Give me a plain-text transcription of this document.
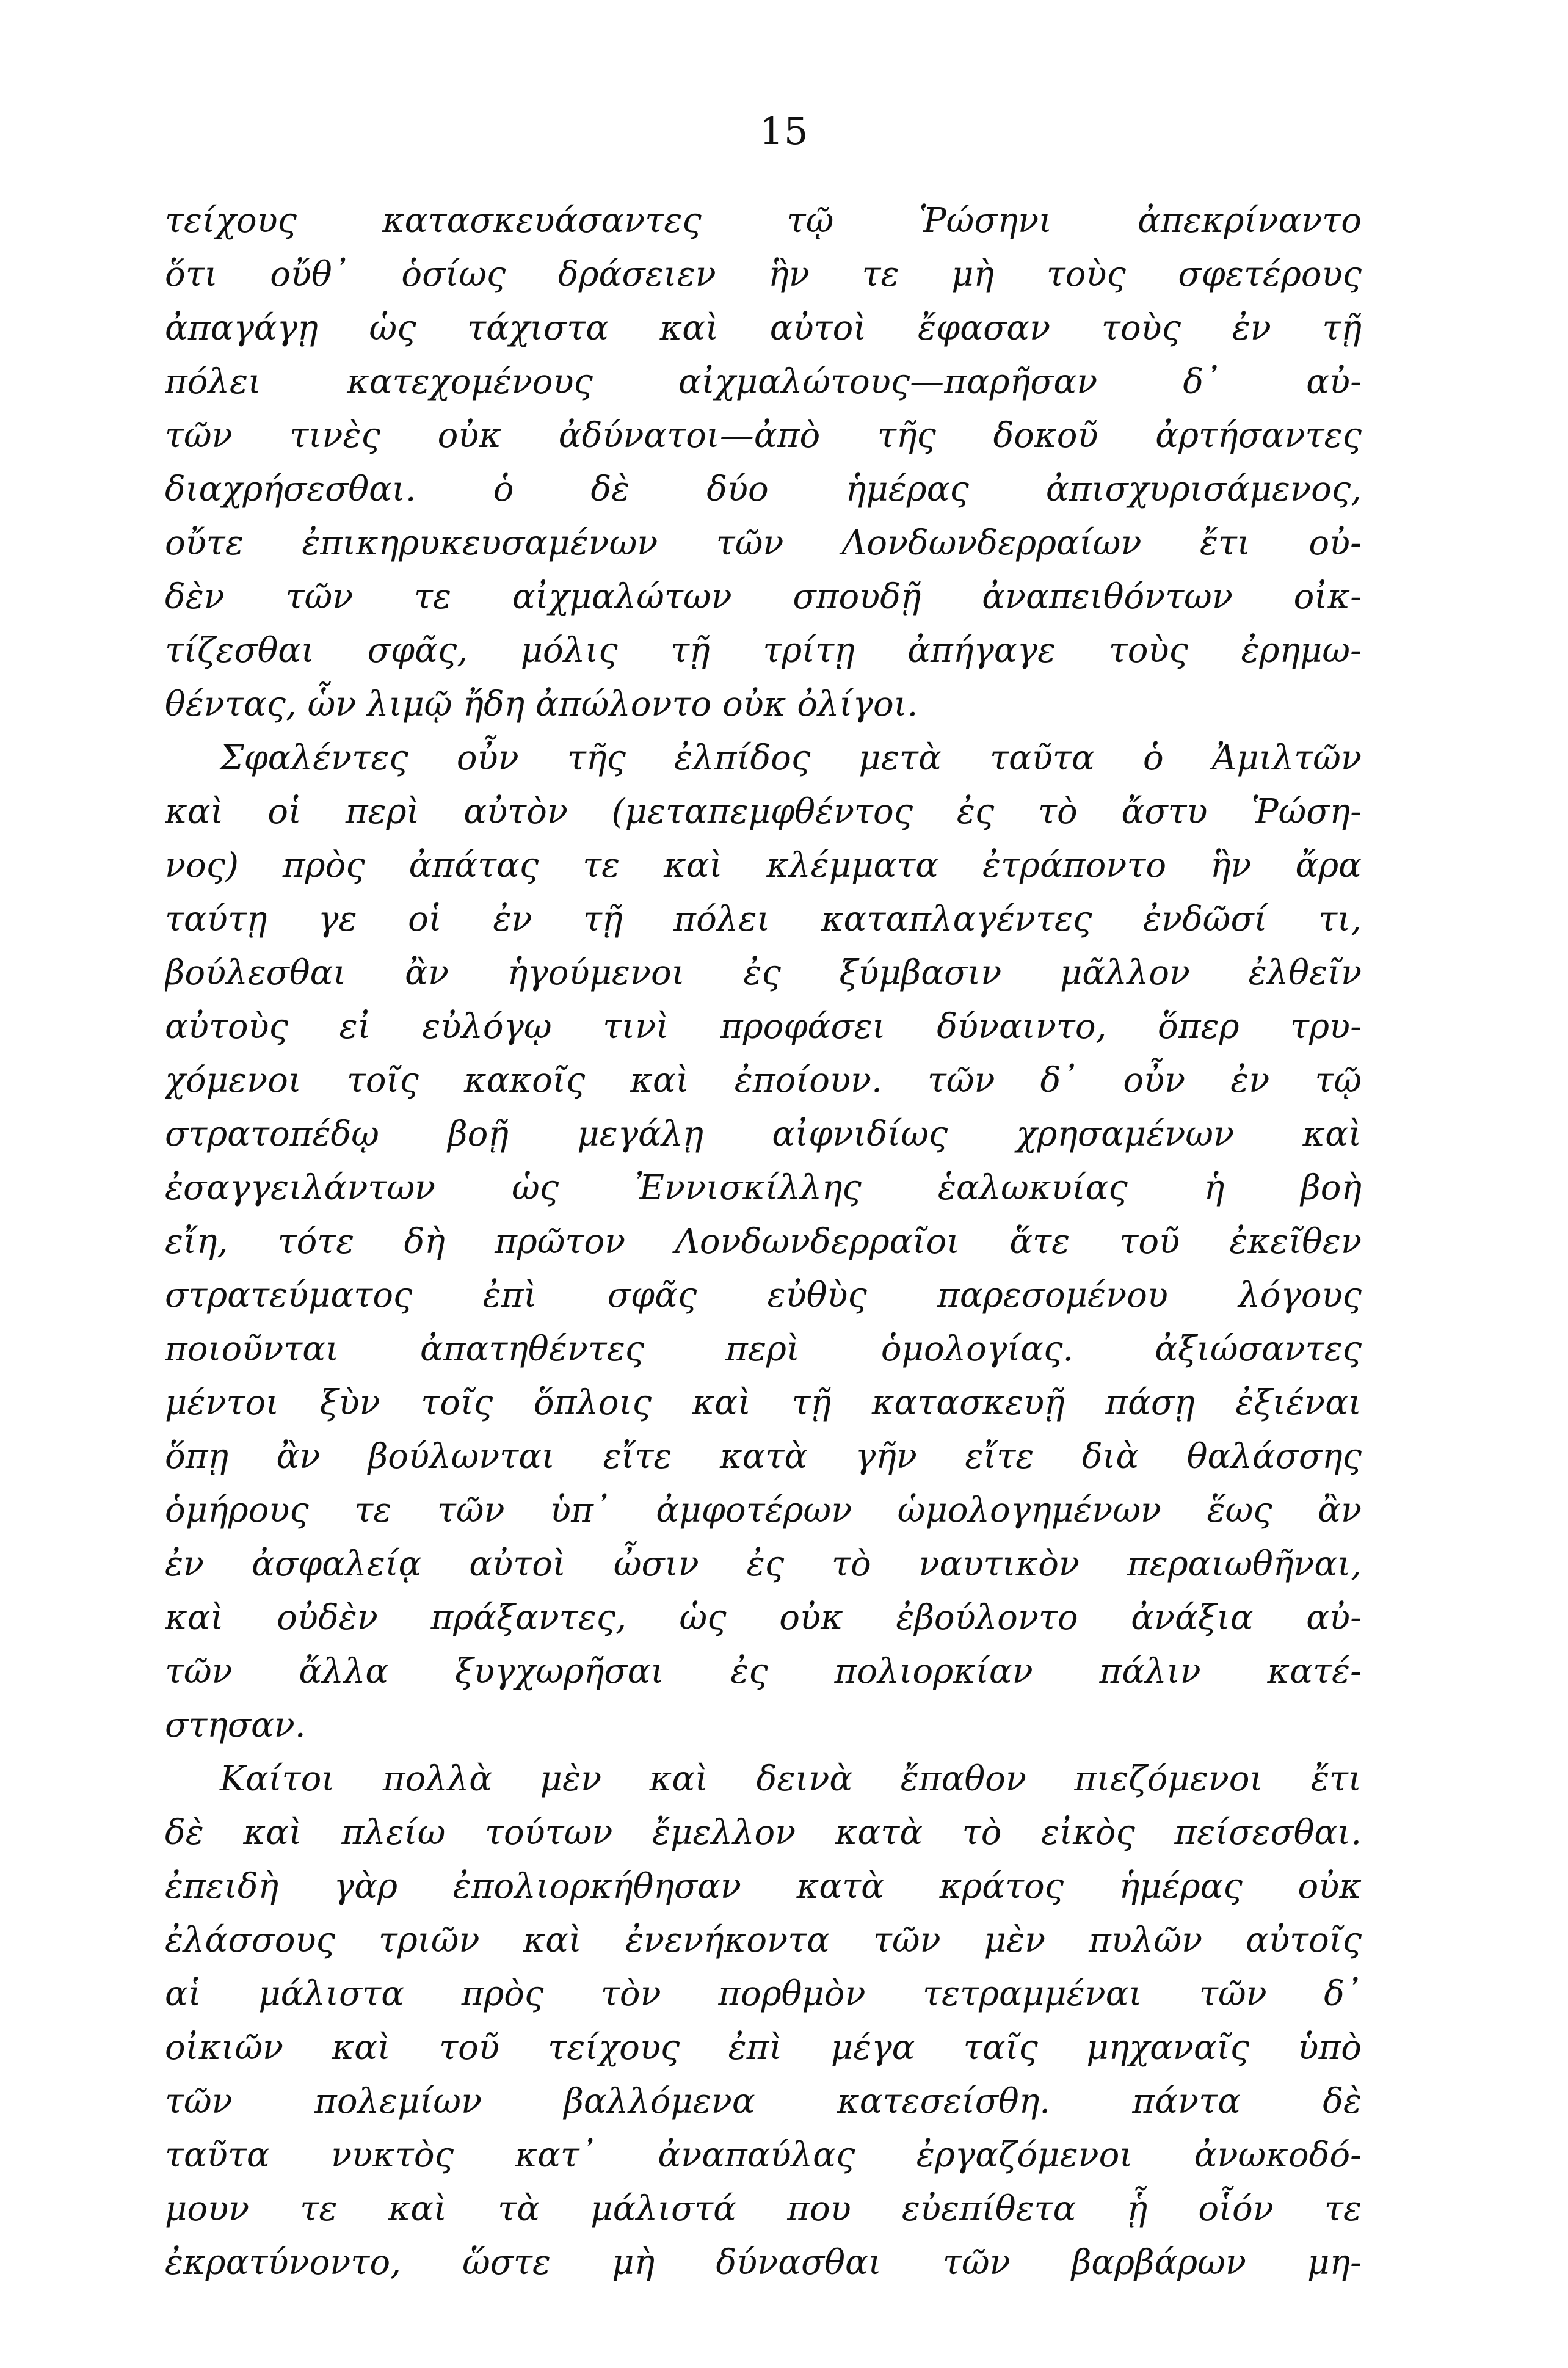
15
τείχους κατασκευάσαντες τῷ Ῥώσηνι ἀπεκρίναντο
ὅτι οὔθ᾽ ὁσίως δράσειεν ἣν τε μὴ τοὺς σφετέρους
ἀπαγάγῃ ὡς τάχιστα καὶ αὐτοὶ ἔφασαν τοὺς ἐν τῇ
πόλει κατεχομένους αἰχμαλώτους—παρῆσαν δ᾽ αὐ-
τῶν τινὲς οὐκ ἀδύνατοι—ἀπὸ τῆς δοκοῦ ἀρτήσαντες
διαχρήσεσθαι. ὁ δὲ δύο ἡμέρας ἀπισχυρισάμενος,
οὔτε ἐπικηρυκευσαμένων τῶν Λονδωνδερραίων ἔτι οὐ-
δὲν τῶν τε αἰχμαλώτων σπουδῇ ἀναπειθόντων οἰκ-
τίζεσθαι σφᾶς, μόλις τῇ τρίτῃ ἀπήγαγε τοὺς ἐρημω-
θέντας, ὧν λιμῷ ἤδη ἀπώλοντο οὐκ ὀλίγοι.
Σφαλέντες οὖν τῆς ἐλπίδος μετὰ ταῦτα ὁ Ἀμιλτῶν
καὶ οἱ περὶ αὐτὸν (μεταπεμφθέντος ἐς τὸ ἄστυ Ῥώση-
νος) πρὸς ἀπάτας τε καὶ κλέμματα ἐτράποντο ἣν ἄρα
ταύτῃ γε οἱ ἐν τῇ πόλει καταπλαγέντες ἐνδῶσί τι,
βούλεσθαι ἂν ἡγούμενοι ἐς ξύμβασιν μᾶλλον ἐλθεῖν
αὐτοὺς εἰ εὐλόγῳ τινὶ προφάσει δύναιντο, ὅπερ τρυ-
χόμενοι τοῖς κακοῖς καὶ ἐποίουν. τῶν δ᾽ οὖν ἐν τῷ
στρατοπέδῳ βοῇ μεγάλῃ αἰφνιδίως χρησαμένων καὶ
ἐσαγγειλάντων ὡς Ἐννισκίλλης ἑαλωκυίας ἡ βοὴ
εἴη, τότε δὴ πρῶτον Λονδωνδερραῖοι ἅτε τοῦ ἐκεῖθεν
στρατεύματος ἐπὶ σφᾶς εὐθὺς παρεσομένου λόγους
ποιοῦνται ἀπατηθέντες περὶ ὁμολογίας. ἀξιώσαντες
μέντοι ξὺν τοῖς ὅπλοις καὶ τῇ κατασκευῇ πάσῃ ἐξιέναι
ὅπῃ ἂν βούλωνται εἴτε κατὰ γῆν εἴτε διὰ θαλάσσης
ὁμήρους τε τῶν ὑπ᾽ ἀμφοτέρων ὡμολογημένων ἕως ἂν
ἐν ἀσφαλείᾳ αὐτοὶ ὦσιν ἐς τὸ ναυτικὸν περαιωθῆναι,
καὶ οὐδὲν πράξαντες, ὡς οὐκ ἐβούλοντο ἀνάξια αὐ-
τῶν ἄλλα ξυγχωρῆσαι ἐς πολιορκίαν πάλιν κατέ-
στησαν.
Καίτοι πολλὰ μὲν καὶ δεινὰ ἔπαθον πιεζόμενοι ἔτι
δὲ καὶ πλείω τούτων ἔμελλον κατὰ τὸ εἰκὸς πείσεσθαι.
ἐπειδὴ γὰρ ἐπολιορκήθησαν κατὰ κράτος ἡμέρας οὐκ
ἐλάσσους τριῶν καὶ ἐνενήκοντα τῶν μὲν πυλῶν αὐτοῖς
αἱ μάλιστα πρὸς τὸν πορθμὸν τετραμμέναι τῶν δ᾽
οἰκιῶν καὶ τοῦ τείχους ἐπὶ μέγα ταῖς μηχαναῖς ὑπὸ
τῶν πολεμίων βαλλόμενα κατεσείσθη. πάντα δὲ
ταῦτα νυκτὸς κατ᾽ ἀναπαύλας ἐργαζόμενοι ἀνωκοδό-
μουν τε καὶ τὰ μάλιστά που εὐεπίθετα ᾗ οἷόν τε
ἐκρατύνοντο, ὥστε μὴ δύνασθαι τῶν βαρβάρων μη-
